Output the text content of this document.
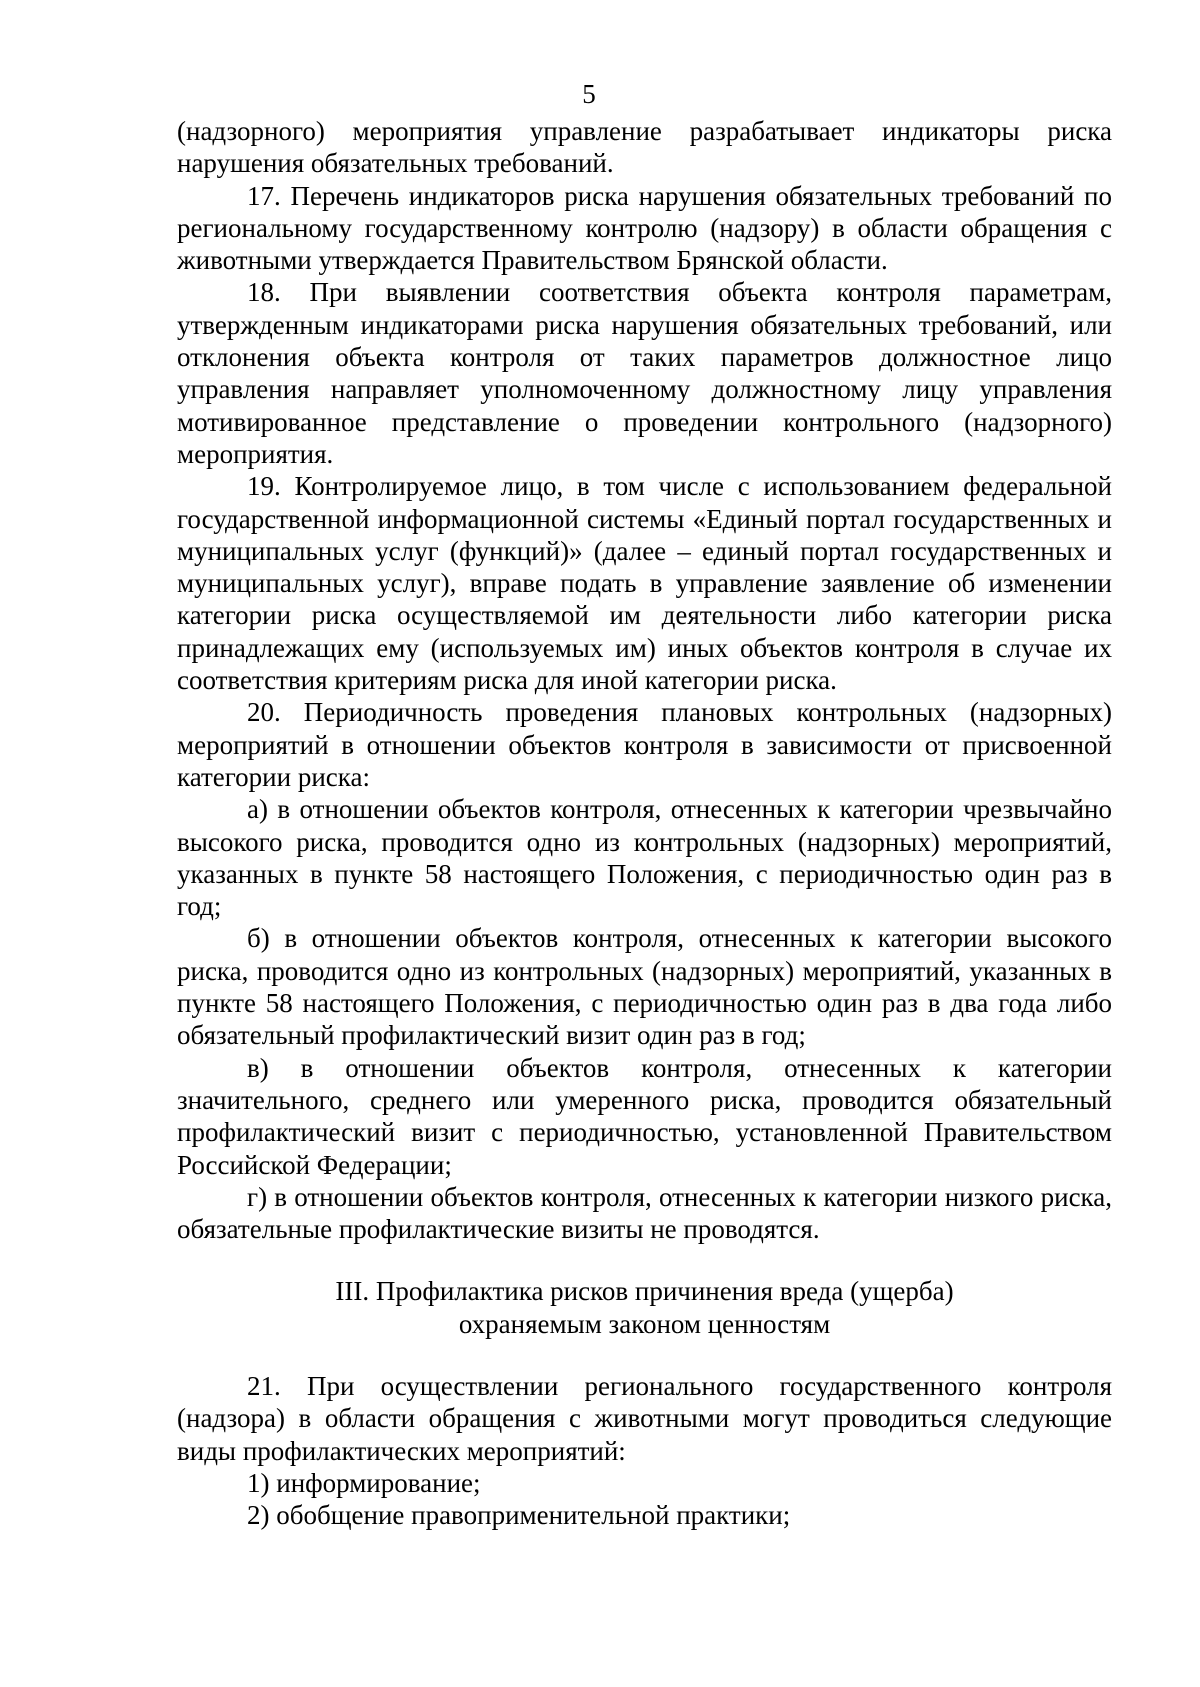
5

(надзорного) мероприятия управление разрабатывает индикаторы риска нарушения обязательных требований.

17. Перечень индикаторов риска нарушения обязательных требований по региональному государственному контролю (надзору) в области обращения с животными утверждается Правительством Брянской области.

18. При выявлении соответствия объекта контроля параметрам, утвержденным индикаторами риска нарушения обязательных требований, или отклонения объекта контроля от таких параметров должностное лицо управления направляет уполномоченному должностному лицу управления мотивированное представление о проведении контрольного (надзорного) мероприятия.

19. Контролируемое лицо, в том числе с использованием федеральной государственной информационной системы «Единый портал государственных и муниципальных услуг (функций)» (далее – единый портал государственных и муниципальных услуг), вправе подать в управление заявление об изменении категории риска осуществляемой им деятельности либо категории риска принадлежащих ему (используемых им) иных объектов контроля в случае их соответствия критериям риска для иной категории риска.

20. Периодичность проведения плановых контрольных (надзорных) мероприятий в отношении объектов контроля в зависимости от присвоенной категории риска:

а) в отношении объектов контроля, отнесенных к категории чрезвычайно высокого риска, проводится одно из контрольных (надзорных) мероприятий, указанных в пункте 58 настоящего Положения, с периодичностью один раз в год;

б) в отношении объектов контроля, отнесенных к категории высокого риска, проводится одно из контрольных (надзорных) мероприятий, указанных в пункте 58 настоящего Положения, с периодичностью один раз в два года либо обязательный профилактический визит один раз в год;

в) в отношении объектов контроля, отнесенных к категории значительного, среднего или умеренного риска, проводится обязательный профилактический визит с периодичностью, установленной Правительством Российской Федерации;

г) в отношении объектов контроля, отнесенных к категории низкого риска, обязательные профилактические визиты не проводятся.

III. Профилактика рисков причинения вреда (ущерба)
охраняемым законом ценностям

21. При осуществлении регионального государственного контроля (надзора) в области обращения с животными могут проводиться следующие виды профилактических мероприятий:

1) информирование;

2) обобщение правоприменительной практики;
